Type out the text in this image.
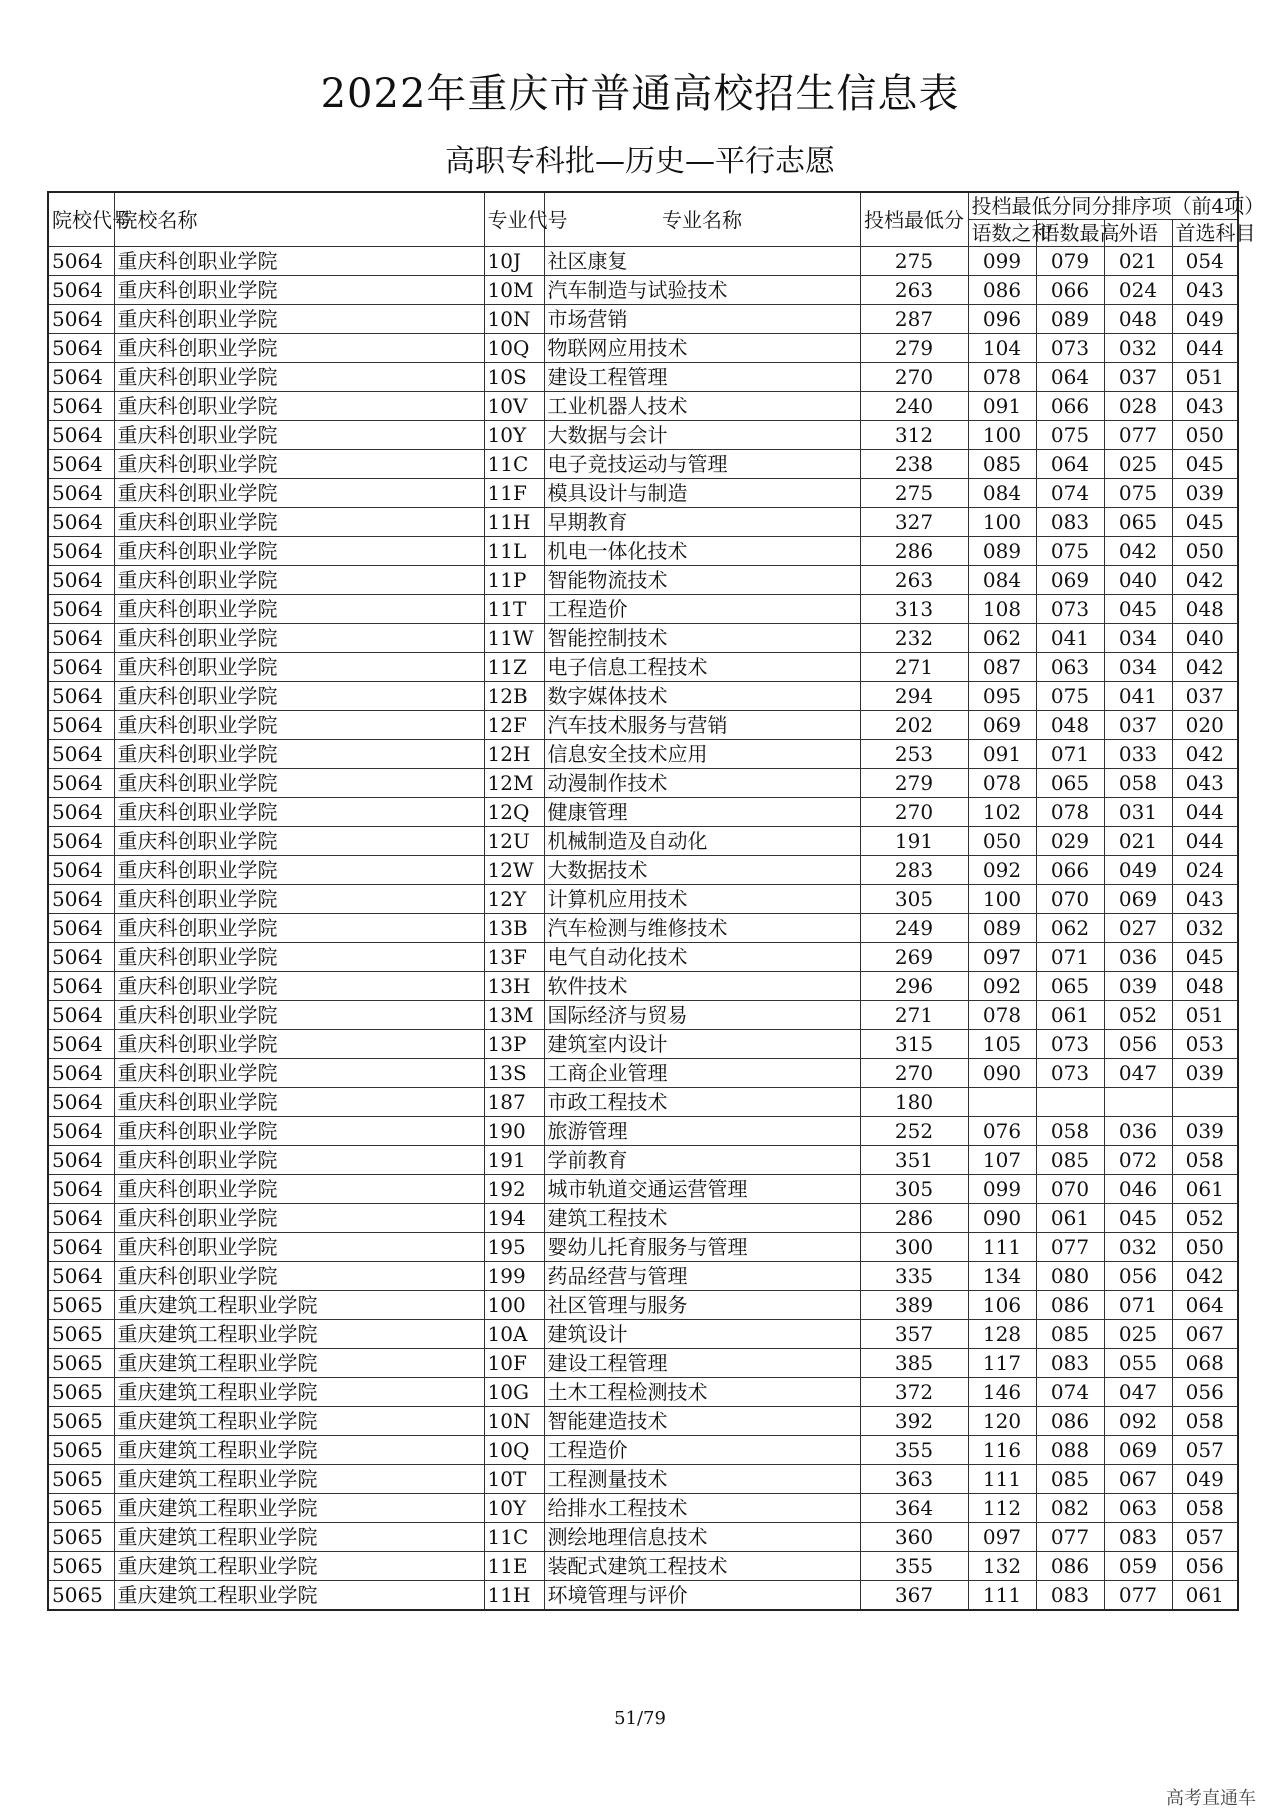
2022年重庆市普通高校招生信息表
高职专科批—历史—平行志愿
院校代号	院校名称	专业代号	专业名称	投档最低分	投档最低分同分排序项（前4项）			
					语数之和	语数最高	外语	首选科目
5064	重庆科创职业学院	10J	社区康复	275	099	079	021	054
5064	重庆科创职业学院	10M	汽车制造与试验技术	263	086	066	024	043
5064	重庆科创职业学院	10N	市场营销	287	096	089	048	049
5064	重庆科创职业学院	10Q	物联网应用技术	279	104	073	032	044
5064	重庆科创职业学院	10S	建设工程管理	270	078	064	037	051
5064	重庆科创职业学院	10V	工业机器人技术	240	091	066	028	043
5064	重庆科创职业学院	10Y	大数据与会计	312	100	075	077	050
5064	重庆科创职业学院	11C	电子竞技运动与管理	238	085	064	025	045
5064	重庆科创职业学院	11F	模具设计与制造	275	084	074	075	039
5064	重庆科创职业学院	11H	早期教育	327	100	083	065	045
5064	重庆科创职业学院	11L	机电一体化技术	286	089	075	042	050
5064	重庆科创职业学院	11P	智能物流技术	263	084	069	040	042
5064	重庆科创职业学院	11T	工程造价	313	108	073	045	048
5064	重庆科创职业学院	11W	智能控制技术	232	062	041	034	040
5064	重庆科创职业学院	11Z	电子信息工程技术	271	087	063	034	042
5064	重庆科创职业学院	12B	数字媒体技术	294	095	075	041	037
5064	重庆科创职业学院	12F	汽车技术服务与营销	202	069	048	037	020
5064	重庆科创职业学院	12H	信息安全技术应用	253	091	071	033	042
5064	重庆科创职业学院	12M	动漫制作技术	279	078	065	058	043
5064	重庆科创职业学院	12Q	健康管理	270	102	078	031	044
5064	重庆科创职业学院	12U	机械制造及自动化	191	050	029	021	044
5064	重庆科创职业学院	12W	大数据技术	283	092	066	049	024
5064	重庆科创职业学院	12Y	计算机应用技术	305	100	070	069	043
5064	重庆科创职业学院	13B	汽车检测与维修技术	249	089	062	027	032
5064	重庆科创职业学院	13F	电气自动化技术	269	097	071	036	045
5064	重庆科创职业学院	13H	软件技术	296	092	065	039	048
5064	重庆科创职业学院	13M	国际经济与贸易	271	078	061	052	051
5064	重庆科创职业学院	13P	建筑室内设计	315	105	073	056	053
5064	重庆科创职业学院	13S	工商企业管理	270	090	073	047	039
5064	重庆科创职业学院	187	市政工程技术	180				
5064	重庆科创职业学院	190	旅游管理	252	076	058	036	039
5064	重庆科创职业学院	191	学前教育	351	107	085	072	058
5064	重庆科创职业学院	192	城市轨道交通运营管理	305	099	070	046	061
5064	重庆科创职业学院	194	建筑工程技术	286	090	061	045	052
5064	重庆科创职业学院	195	婴幼儿托育服务与管理	300	111	077	032	050
5064	重庆科创职业学院	199	药品经营与管理	335	134	080	056	042
5065	重庆建筑工程职业学院	100	社区管理与服务	389	106	086	071	064
5065	重庆建筑工程职业学院	10A	建筑设计	357	128	085	025	067
5065	重庆建筑工程职业学院	10F	建设工程管理	385	117	083	055	068
5065	重庆建筑工程职业学院	10G	土木工程检测技术	372	146	074	047	056
5065	重庆建筑工程职业学院	10N	智能建造技术	392	120	086	092	058
5065	重庆建筑工程职业学院	10Q	工程造价	355	116	088	069	057
5065	重庆建筑工程职业学院	10T	工程测量技术	363	111	085	067	049
5065	重庆建筑工程职业学院	10Y	给排水工程技术	364	112	082	063	058
5065	重庆建筑工程职业学院	11C	测绘地理信息技术	360	097	077	083	057
5065	重庆建筑工程职业学院	11E	装配式建筑工程技术	355	132	086	059	056
5065	重庆建筑工程职业学院	11H	环境管理与评价	367	111	083	077	061
51/79
高考直通车
